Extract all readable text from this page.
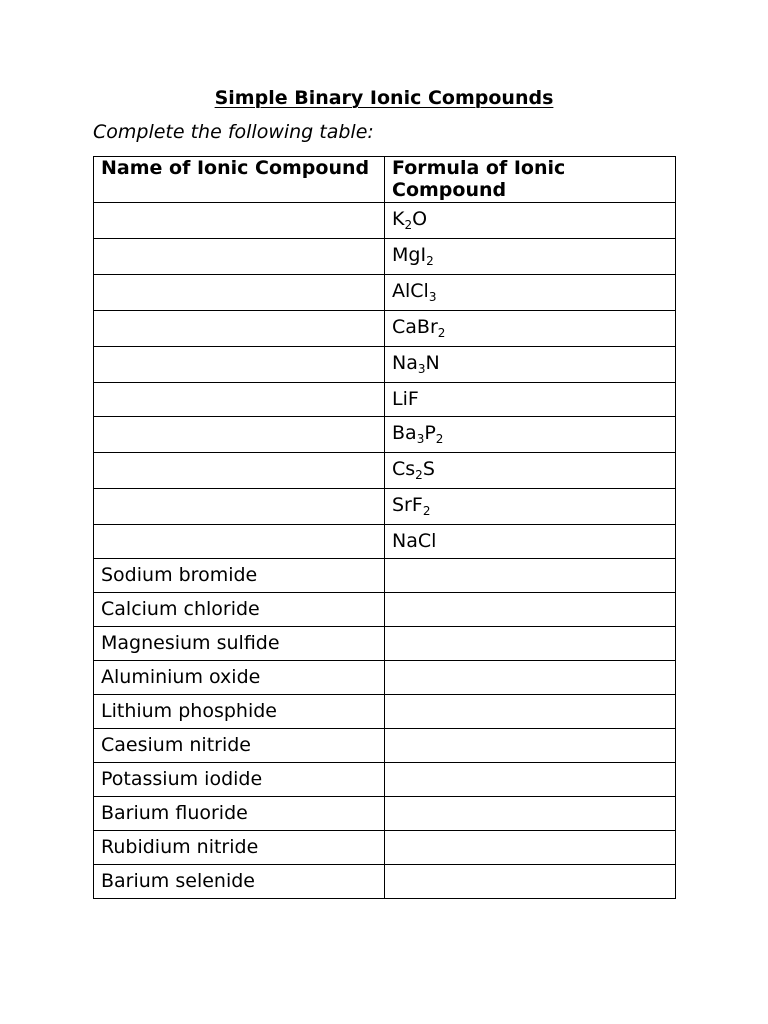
Simple Binary Ionic Compounds
Complete the following table:
Name of Ionic Compound	Formula of Ionic Compound
	$K_2O$
	MgI$_2$
	AlCl$_3$
	CaBr$_2$
	$Na_3N$
	LiF
	$Ba_3P_2$
	$Cs_2S$
	SrF$_2$
	NaCl
Sodium bromide	
Calcium chloride	
Magnesium sulfide	
Aluminium oxide	
Lithium phosphide	
Caesium nitride	
Potassium iodide	
Barium fluoride	
Rubidium nitride	
Barium selenide	
